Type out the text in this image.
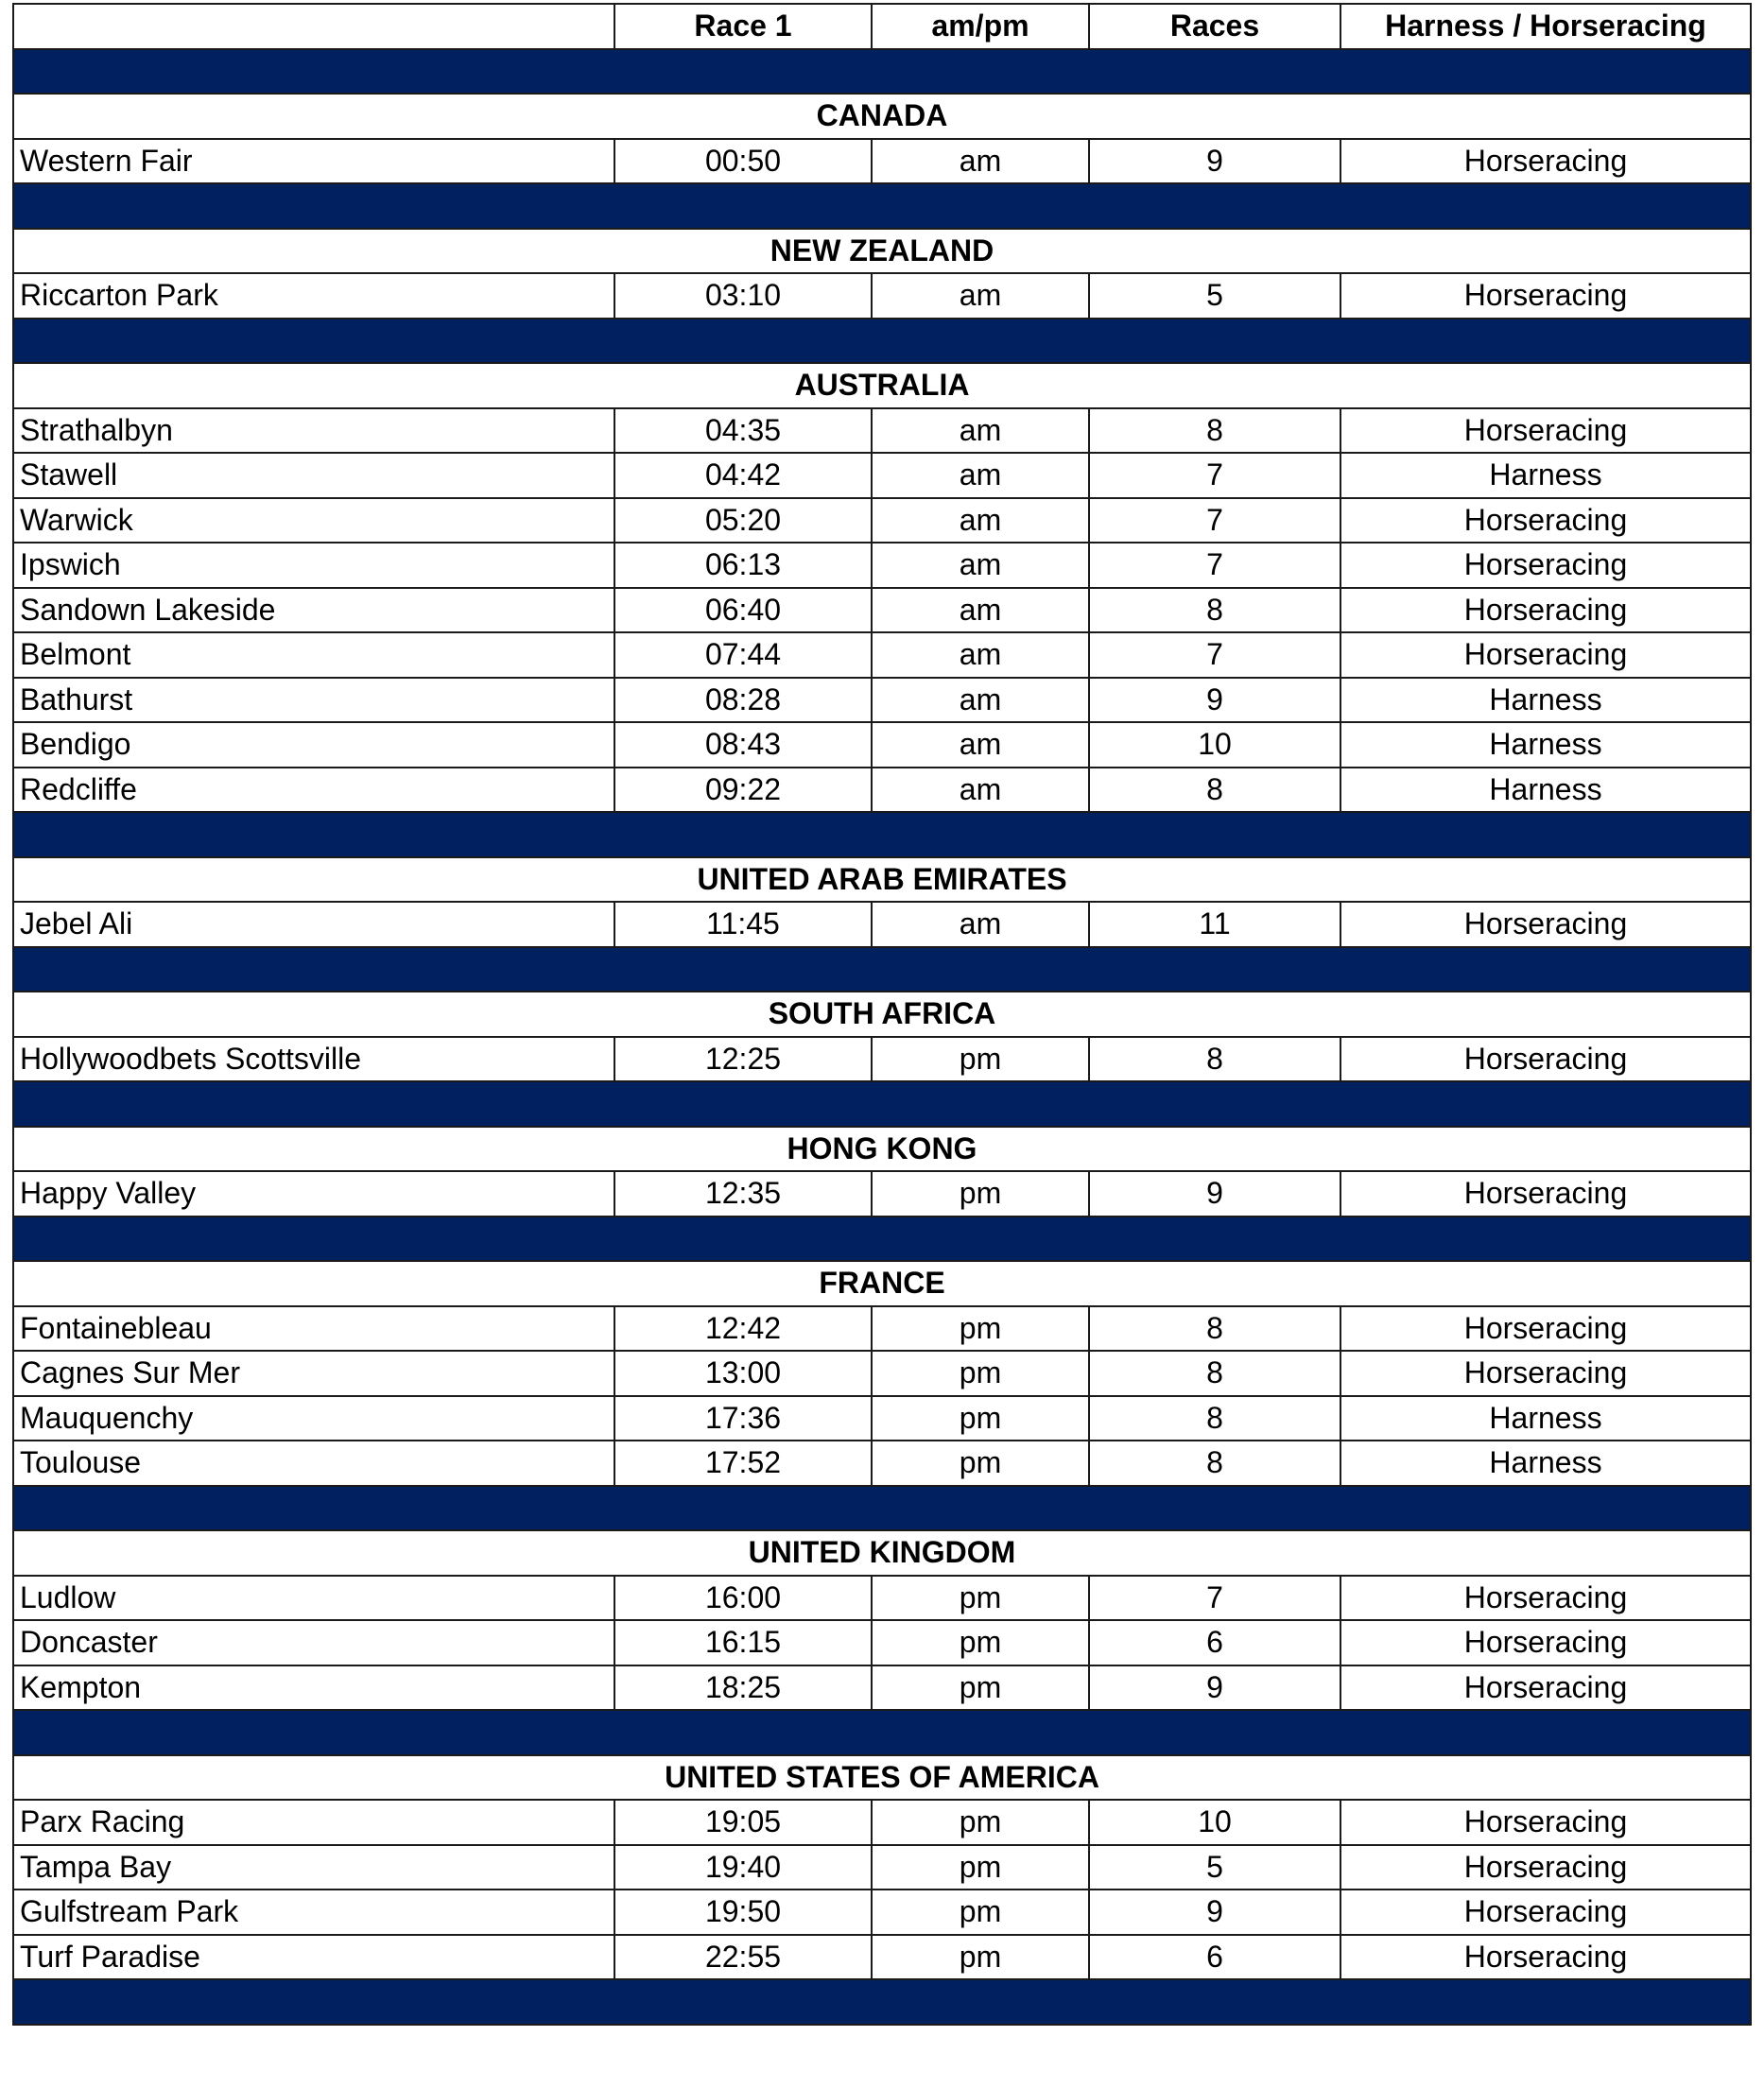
	Race 1	am/pm	Races	Harness / Horseracing

CANADA				
Western Fair	00:50	am	9	Horseracing

NEW ZEALAND				
Riccarton Park	03:10	am	5	Horseracing

AUSTRALIA				
Strathalbyn	04:35	am	8	Horseracing
Stawell	04:42	am	7	Harness
Warwick	05:20	am	7	Horseracing
Ipswich	06:13	am	7	Horseracing
Sandown Lakeside	06:40	am	8	Horseracing
Belmont	07:44	am	7	Horseracing
Bathurst	08:28	am	9	Harness
Bendigo	08:43	am	10	Harness
Redcliffe	09:22	am	8	Harness

UNITED ARAB EMIRATES				
Jebel Ali	11:45	am	11	Horseracing

SOUTH AFRICA				
Hollywoodbets Scottsville	12:25	pm	8	Horseracing

HONG KONG				
Happy Valley	12:35	pm	9	Horseracing

FRANCE				
Fontainebleau	12:42	pm	8	Horseracing
Cagnes Sur Mer	13:00	pm	8	Horseracing
Mauquenchy	17:36	pm	8	Harness
Toulouse	17:52	pm	8	Harness

UNITED KINGDOM				
Ludlow	16:00	pm	7	Horseracing
Doncaster	16:15	pm	6	Horseracing
Kempton	18:25	pm	9	Horseracing

UNITED STATES OF AMERICA				
Parx Racing	19:05	pm	10	Horseracing
Tampa Bay	19:40	pm	5	Horseracing
Gulfstream Park	19:50	pm	9	Horseracing
Turf Paradise	22:55	pm	6	Horseracing
